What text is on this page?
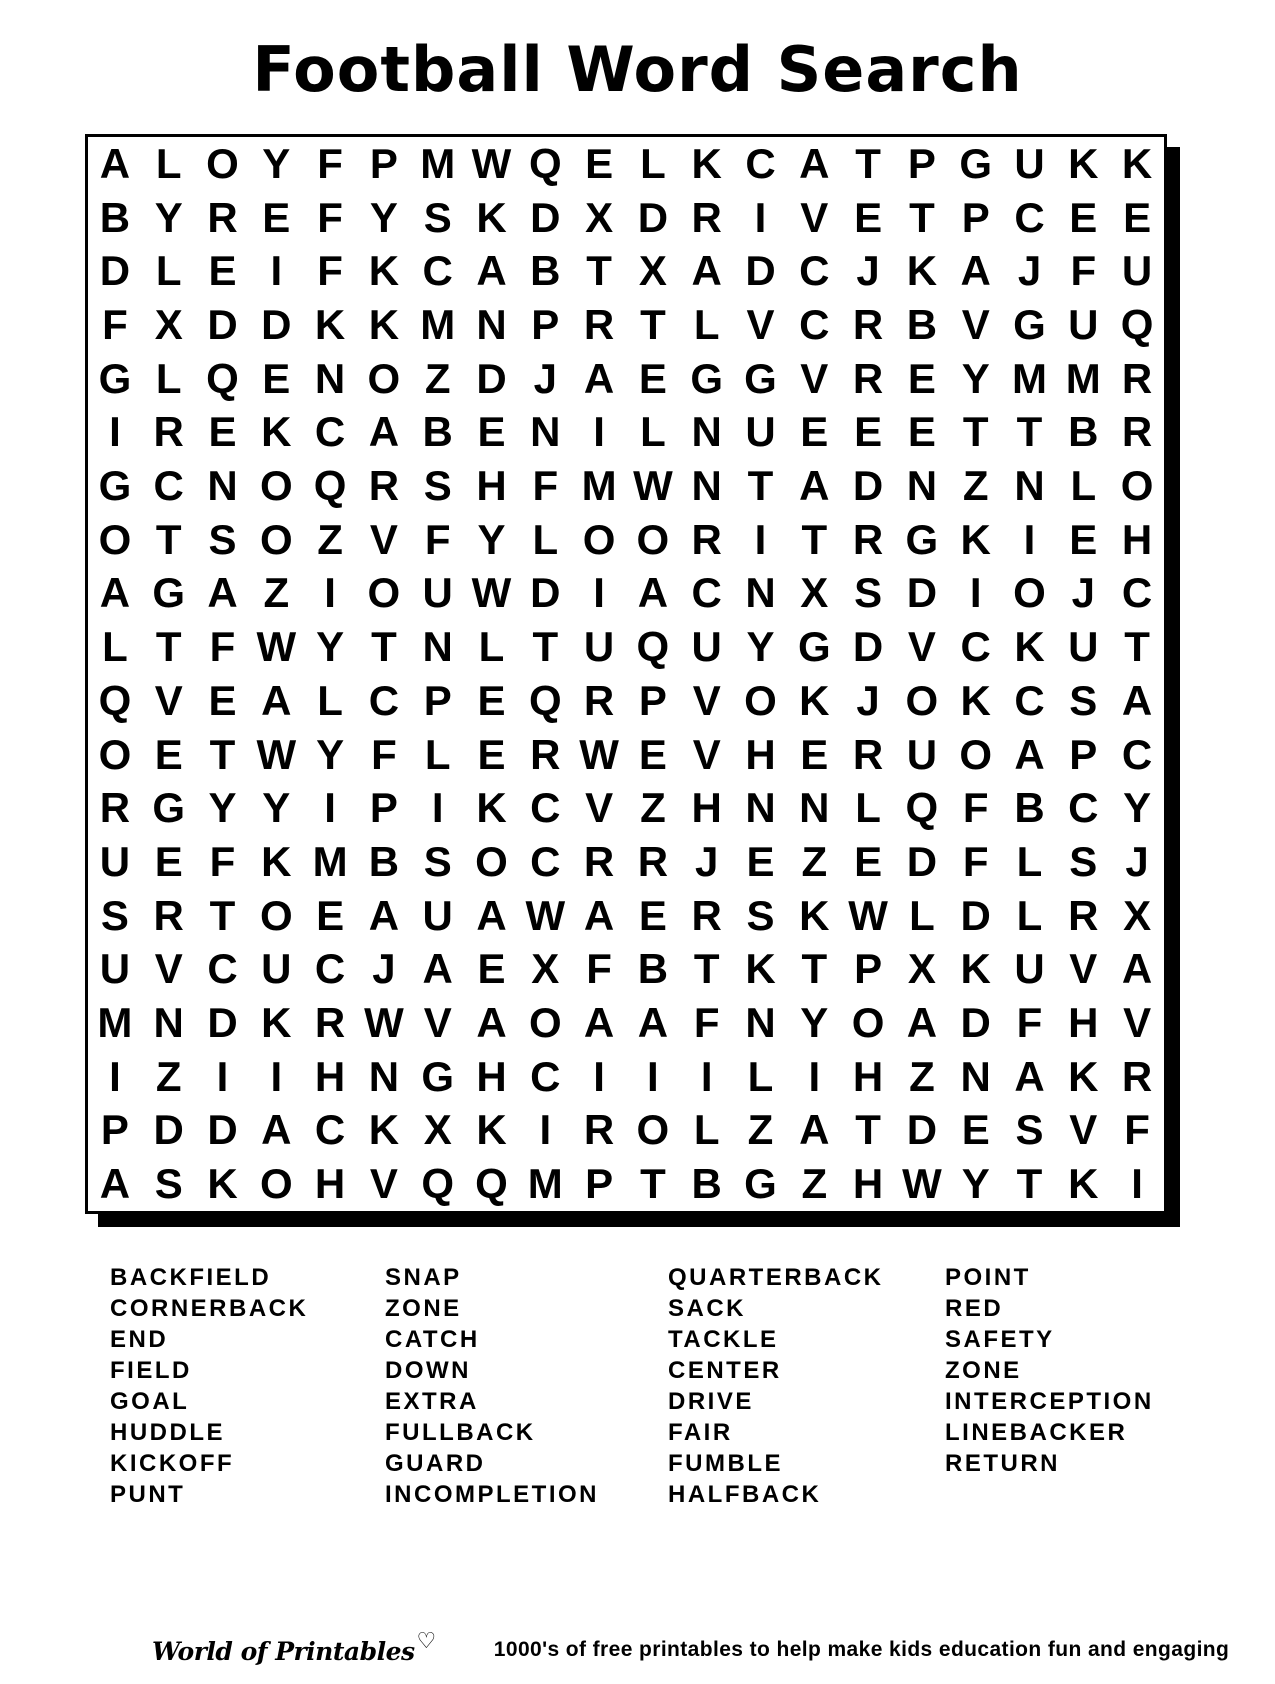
Football Word Search
A L O Y F P M W Q E L K C A T P G U K K
B Y R E F Y S K D X D R I V E T P C E E
D L E I F K C A B T X A D C J K A J F U
F X D D K K M N P R T L V C R B V G U Q
G L Q E N O Z D J A E G G V R E Y M M R
I R E K C A B E N I L N U E E E T T B R
G C N O Q R S H F M W N T A D N Z N L O
O T S O Z V F Y L O O R I T R G K I E H
A G A Z I O U W D I A C N X S D I O J C
L T F W Y T N L T U Q U Y G D V C K U T
Q V E A L C P E Q R P V O K J O K C S A
O E T W Y F L E R W E V H E R U O A P C
R G Y Y I P I K C V Z H N N L Q F B C Y
U E F K M B S O C R R J E Z E D F L S J
S R T O E A U A W A E R S K W L D L R X
U V C U C J A E X F B T K T P X K U V A
M N D K R W V A O A A F N Y O A D F H V
I Z I	I H N G H C I	I	I L I H Z N A K R
P D D A C K X K I R O L Z A T D E S V F
A S K O H V Q Q M P T B G Z H W Y T K I
BACKFIELD
CORNERBACK
END
FIELD
GOAL
HUDDLE
KICKOFF
PUNT
SNAP
ZONE
CATCH
DOWN
EXTRA
FULLBACK
GUARD
INCOMPLETION
QUARTERBACK
SACK
TACKLE
CENTER
DRIVE
FAIR
FUMBLE
HALFBACK
POINT
RED
SAFETY
ZONE
INTERCEPTION
LINEBACKER
RETURN
World of Printables♡	1000's of free printables to help make kids education fun and engaging
